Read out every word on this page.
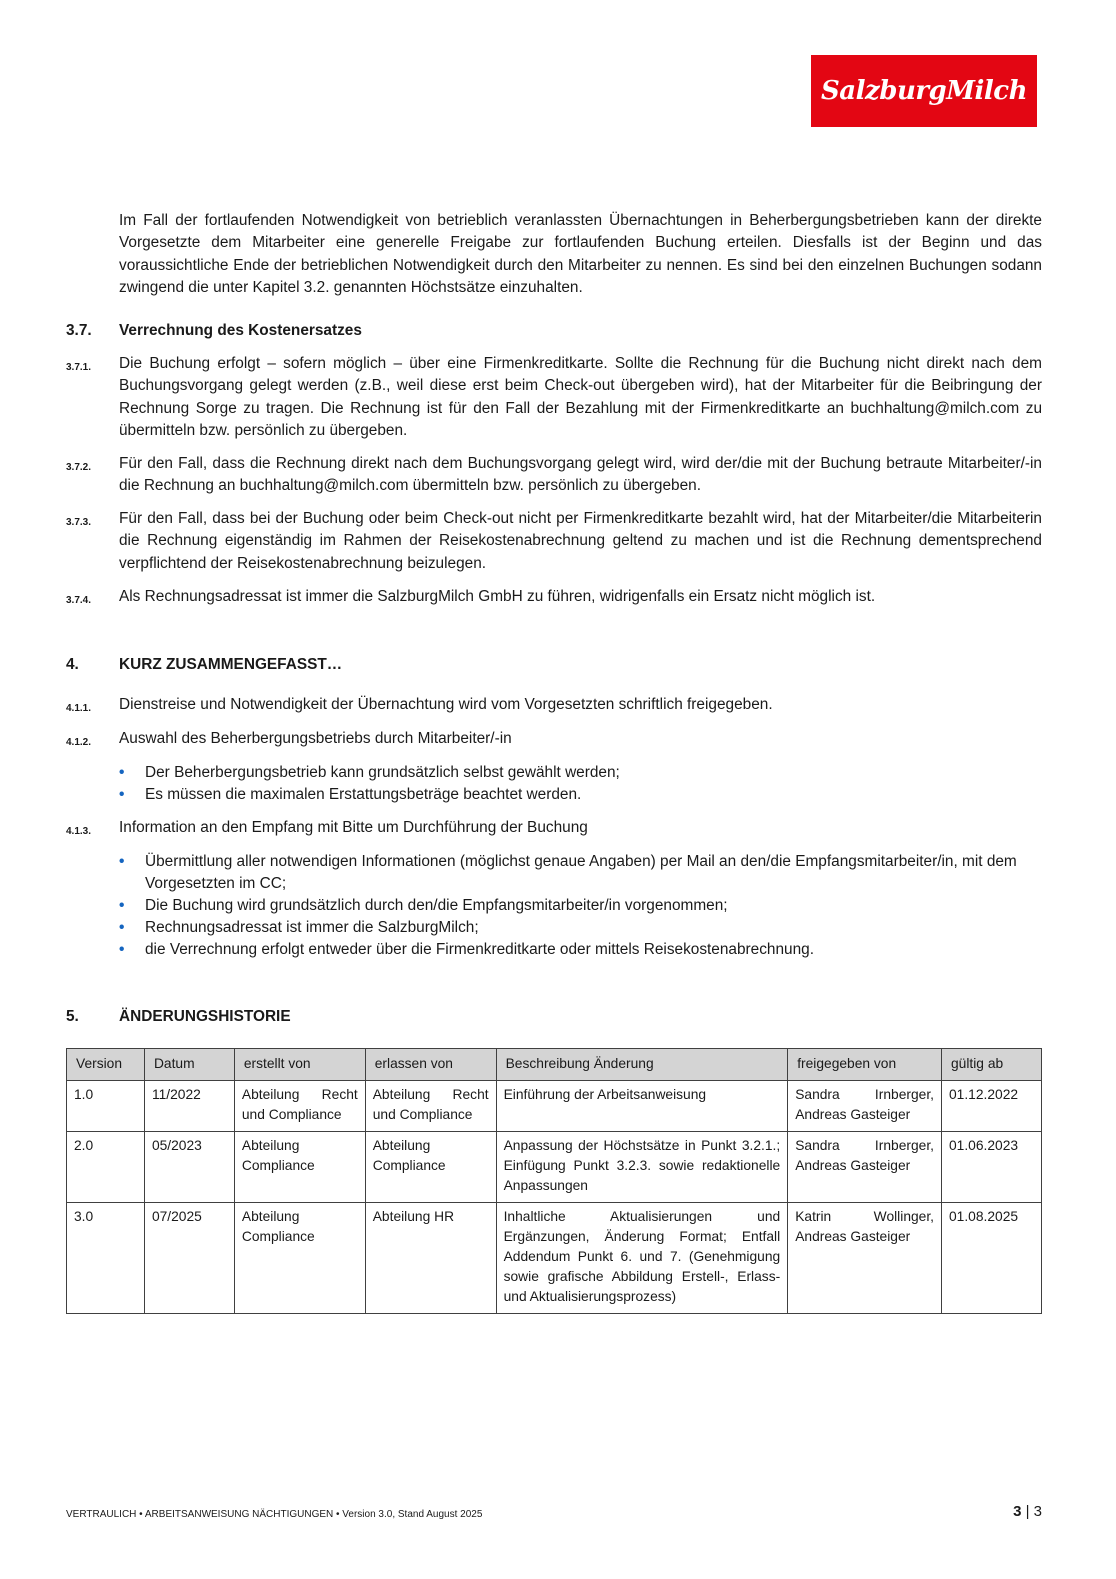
SalzburgMilch

Im Fall der fortlaufenden Notwendigkeit von betrieblich veranlassten Übernachtungen in Beherbergungsbetrieben kann der direkte Vorgesetzte dem Mitarbeiter eine generelle Freigabe zur fortlaufenden Buchung erteilen. Diesfalls ist der Beginn und das voraussichtliche Ende der betrieblichen Notwendigkeit durch den Mitarbeiter zu nennen. Es sind bei den einzelnen Buchungen sodann zwingend die unter Kapitel 3.2. genannten Höchstsätze einzuhalten.

3.7. Verrechnung des Kostenersatzes
3.7.1. Die Buchung erfolgt – sofern möglich – über eine Firmenkreditkarte. Sollte die Rechnung für die Buchung nicht direkt nach dem Buchungsvorgang gelegt werden (z.B., weil diese erst beim Check-out übergeben wird), hat der Mitarbeiter für die Beibringung der Rechnung Sorge zu tragen. Die Rechnung ist für den Fall der Bezahlung mit der Firmenkreditkarte an buchhaltung@milch.com zu übermitteln bzw. persönlich zu übergeben.

3.7.2. Für den Fall, dass die Rechnung direkt nach dem Buchungsvorgang gelegt wird, wird der/die mit der Buchung betraute Mitarbeiter/-in die Rechnung an buchhaltung@milch.com übermitteln bzw. persönlich zu übergeben.

3.7.3. Für den Fall, dass bei der Buchung oder beim Check-out nicht per Firmenkreditkarte bezahlt wird, hat der Mitarbeiter/die Mitarbeiterin die Rechnung eigenständig im Rahmen der Reisekostenabrechnung geltend zu machen und ist die Rechnung dementsprechend verpflichtend der Reisekostenabrechnung beizulegen.

3.7.4. Als Rechnungsadressat ist immer die SalzburgMilch GmbH zu führen, widrigenfalls ein Ersatz nicht möglich ist.

4.	KURZ ZUSAMMENGEFASST…
4.1.1. Dienstreise und Notwendigkeit der Übernachtung wird vom Vorgesetzten schriftlich freigegeben.

4.1.2. Auswahl des Beherbergungsbetriebs durch Mitarbeiter/-in

•	Der Beherbergungsbetrieb kann grundsätzlich selbst gewählt werden;
•	Es müssen die maximalen Erstattungsbeträge beachtet werden.
4.1.3. Information an den Empfang mit Bitte um Durchführung der Buchung

•	Übermittlung aller notwendigen Informationen (möglichst genaue Angaben) per Mail an den/die Empfangsmitarbeiter/in, mit dem Vorgesetzten im CC;
•	Die Buchung wird grundsätzlich durch den/die Empfangsmitarbeiter/in vorgenommen;
•	Rechnungsadressat ist immer die SalzburgMilch;
•	die Verrechnung erfolgt entweder über die Firmenkreditkarte oder mittels Reisekostenabrechnung.
5.	ÄNDERUNGSHISTORIE
Version	Datum	erstellt von	erlassen von	Beschreibung Änderung	freigegeben von	gültig ab
1.0	11/2022	Abteilung Recht und Compliance	Abteilung Recht und Compliance	Einführung der Arbeitsanweisung	Sandra Irnberger, Andreas Gasteiger	01.12.2022
2.0	05/2023	Abteilung Compliance	Abteilung Compliance	Anpassung der Höchstsätze in Punkt 3.2.1.; Einfügung Punkt 3.2.3. sowie redaktionelle Anpassungen	Sandra Irnberger, Andreas Gasteiger	01.06.2023
3.0	07/2025	Abteilung Compliance	Abteilung HR	Inhaltliche Aktualisierungen und Ergänzungen, Änderung Format; Entfall Addendum Punkt 6. und 7. (Genehmigung sowie grafische Abbildung Erstell-, Erlass- und Aktualisierungsprozess)	Katrin Wollinger, Andreas Gasteiger	01.08.2025
VERTRAULICH • ARBEITSANWEISUNG NÄCHTIGUNGEN • Version 3.0, Stand August 2025	3 | 3
